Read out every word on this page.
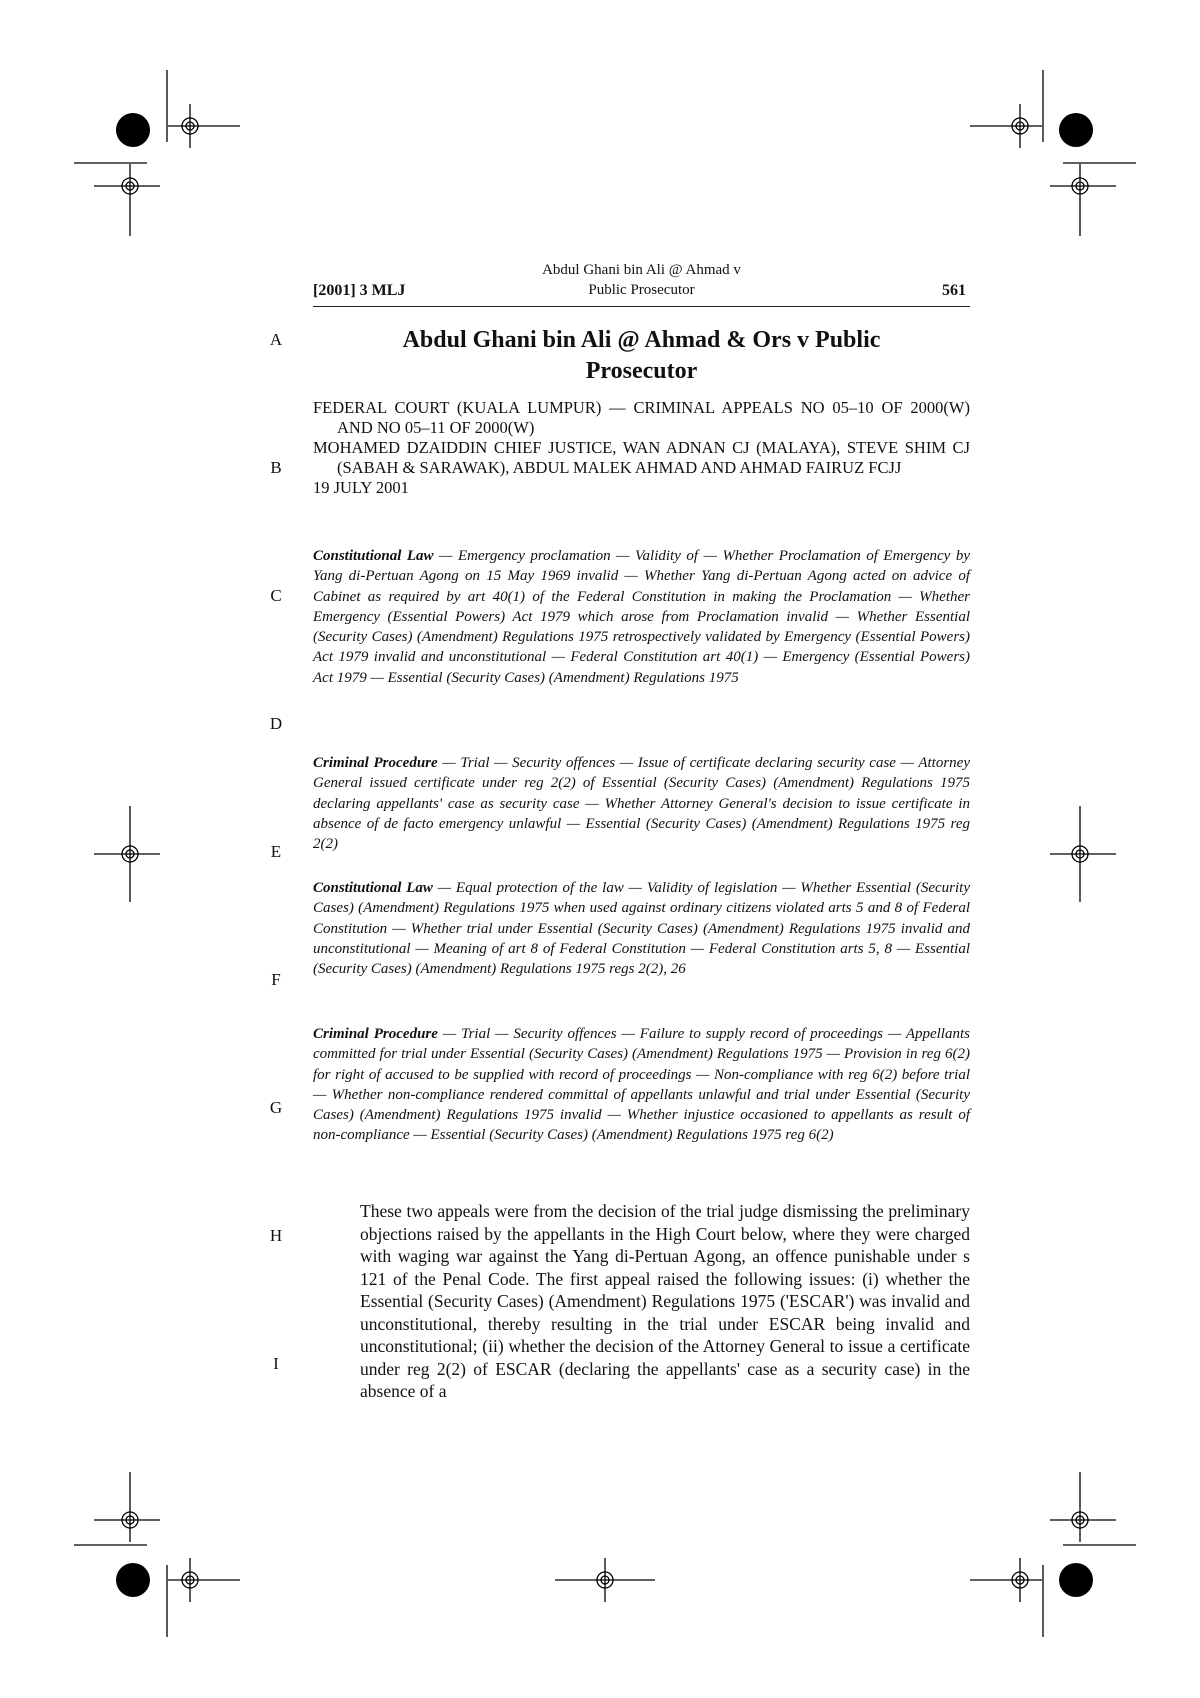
[2001] 3 MLJ
Abdul Ghani bin Ali @ Ahmad v
Public Prosecutor	561
A
B
C
D
E
F
G
H
I
Abdul Ghani bin Ali @ Ahmad & Ors v Public
Prosecutor

FEDERAL COURT (KUALA LUMPUR) — CRIMINAL APPEALS NO 05–10 OF 2000(W) AND NO 05–11 OF 2000(W)

MOHAMED DZAIDDIN CHIEF JUSTICE, WAN ADNAN CJ (MALAYA), STEVE SHIM CJ (SABAH & SARAWAK), ABDUL MALEK AHMAD AND AHMAD FAIRUZ FCJJ

19 JULY 2001

Constitutional Law — Emergency proclamation — Validity of — Whether Proclamation of Emergency by Yang di-Pertuan Agong on 15 May 1969 invalid — Whether Yang di-Pertuan Agong acted on advice of Cabinet as required by art 40(1) of the Federal Constitution in making the Proclamation — Whether Emergency (Essential Powers) Act 1979 which arose from Proclamation invalid — Whether Essential (Security Cases) (Amendment) Regulations 1975 retrospectively validated by Emergency (Essential Powers) Act 1979 invalid and unconstitutional — Federal Constitution art 40(1) — Emergency (Essential Powers) Act 1979 — Essential (Security Cases) (Amendment) Regulations 1975
Criminal Procedure — Trial — Security offences — Issue of certificate declaring security case — Attorney General issued certificate under reg 2(2) of Essential (Security Cases) (Amendment) Regulations 1975 declaring appellants' case as security case — Whether Attorney General's decision to issue certificate in absence of de facto emergency unlawful — Essential (Security Cases) (Amendment) Regulations 1975 reg 2(2)
Constitutional Law — Equal protection of the law — Validity of legislation — Whether Essential (Security Cases) (Amendment) Regulations 1975 when used against ordinary citizens violated arts 5 and 8 of Federal Constitution — Whether trial under Essential (Security Cases) (Amendment) Regulations 1975 invalid and unconstitutional — Meaning of art 8 of Federal Constitution — Federal Constitution arts 5, 8 — Essential (Security Cases) (Amendment) Regulations 1975 regs 2(2), 26
Criminal Procedure — Trial — Security offences — Failure to supply record of proceedings — Appellants committed for trial under Essential (Security Cases) (Amendment) Regulations 1975 — Provision in reg 6(2) for right of accused to be supplied with record of proceedings — Non-compliance with reg 6(2) before trial — Whether non-compliance rendered committal of appellants unlawful and trial under Essential (Security Cases) (Amendment) Regulations 1975 invalid — Whether injustice occasioned to appellants as result of non-compliance — Essential (Security Cases) (Amendment) Regulations 1975 reg 6(2)
These two appeals were from the decision of the trial judge dismissing the preliminary objections raised by the appellants in the High Court below, where they were charged with waging war against the Yang di-Pertuan Agong, an offence punishable under s 121 of the Penal Code. The first appeal raised the following issues: (i) whether the Essential (Security Cases) (Amendment) Regulations 1975 ('ESCAR') was invalid and unconstitutional, thereby resulting in the trial under ESCAR being invalid and unconstitutional; (ii) whether the decision of the Attorney General to issue a certificate under reg 2(2) of ESCAR (declaring the appellants' case as a security case) in the absence of a
